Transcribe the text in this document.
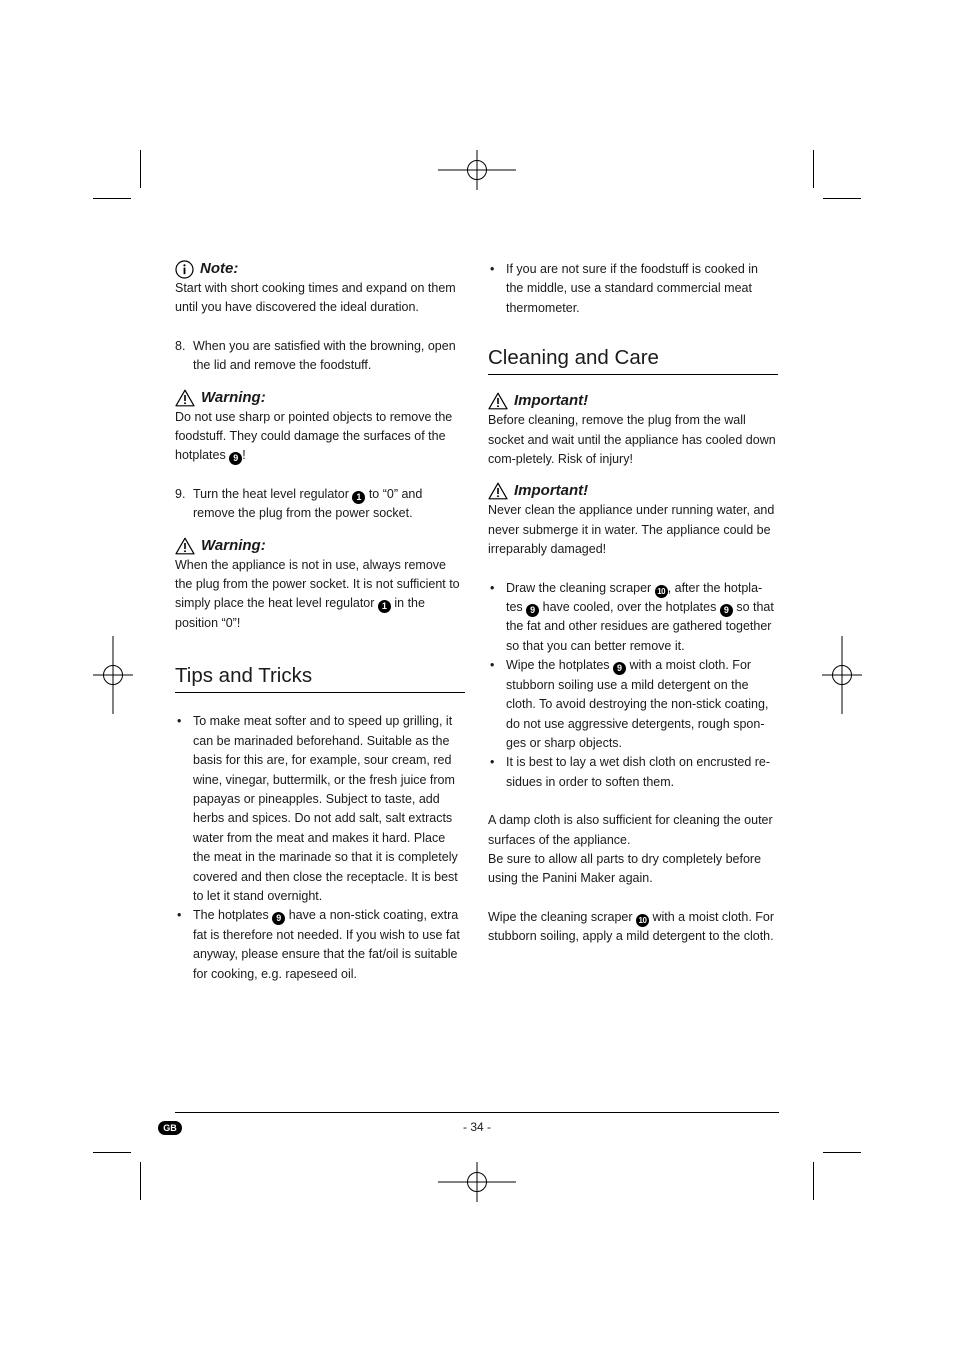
Note:

Start with short cooking times and expand on them until you have discovered the ideal duration.

8. When you are satisfied with the browning, open the lid and remove the foodstuff.
Warning:

Do not use sharp or pointed objects to remove the foodstuff. They could damage the surfaces of the hotplates 9 !

9. Turn the heat level regulator 1 to “0” and remove the plug from the power socket.
Warning:

When the appliance is not in use, always remove the plug from the power socket. It is not sufficient to simply place the heat level regulator 1 in the position “0”!

Tips and Tricks
• To make meat softer and to speed up grilling, it can be marinaded beforehand. Suitable as the basis for this are, for example, sour cream, red wine, vinegar, buttermilk, or the fresh juice from papayas or pineapples. Subject to taste, add herbs and spices. Do not add salt, salt extracts water from the meat and makes it hard. Place the meat in the marinade so that it is completely covered and then close the receptacle. It is best to let it stand overnight.
• The hotplates 9 have a non-stick coating, extra fat is therefore not needed. If you wish to use fat anyway, please ensure that the fat/oil is suitable for cooking, e.g. rapeseed oil.
• If you are not sure if the foodstuff is cooked in the middle, use a standard commercial meat thermometer.
Cleaning and Care
Important!

Before cleaning, remove the plug from the wall socket and wait until the appliance has cooled down com-pletely. Risk of injury!

Important!

Never clean the appliance under running water, and never submerge it in water. The appliance could be irreparably damaged!

• Draw the cleaning scraper 10 , after the hotpla-tes 9 have cooled, over the hotplates 9 so that the fat and other residues are gathered together so that you can better remove it.
• Wipe the hotplates 9 with a moist cloth. For stubborn soiling use a mild detergent on the cloth. To avoid destroying the non-stick coating, do not use aggressive detergents, rough spon-ges or sharp objects.
• It is best to lay a wet dish cloth on encrusted re-sidues in order to soften them.

A damp cloth is also sufficient for cleaning the outer surfaces of the appliance.

Be sure to allow all parts to dry completely before using the Panini Maker again.

Wipe the cleaning scraper 10 with a moist cloth. For stubborn soiling, apply a mild detergent to the cloth.

GB	- 34 -
